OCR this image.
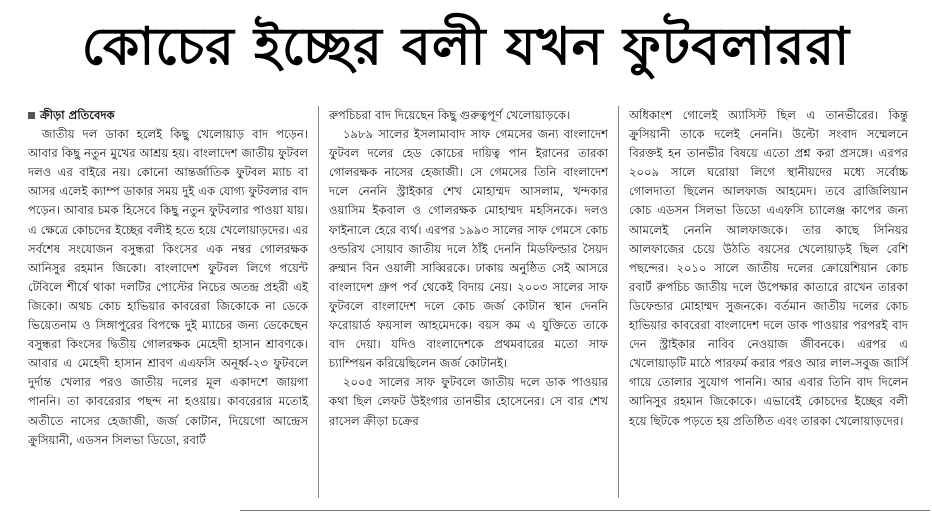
কোচের ইচ্ছের বলী যখন ফুটবলাররা
ক্রীড়া প্রতিবেদক

জাতীয় দল ডাকা হলেই কিছু খেলোয়াড় বাদ পড়েন। আবার কিছু নতুন মুখের আশ্রয় হয়। বাংলাদেশ জাতীয় ফুটবল দলও এর বাইরে নয়। কোনো আন্তর্জাতিক ফুটবল ম্যাচ বা আসর এলেই ক্যাম্প ডাকার সময় দুই এক যোগ্য ফুটবলার বাদ পড়েন। আবার চমক হিসেবে কিছু নতুন ফুটবলার পাওয়া যায়। এ ক্ষেত্রে কোচদের ইচ্ছের বলীই হতে হয়ে খেলোয়াড়দের। এর সর্বশেষ সংযোজন বসুন্ধরা কিংসের এক নম্বর গোলরক্ষক আনিসুর রহমান জিকো। বাংলাদেশ ফুটবল লিগে পয়েন্ট টেবিলে শীর্ষে থাকা দলটির পোস্টের নিচের অতন্দ্র প্রহরী এই জিকো। অথচ কোচ হাভিয়ার কাবরেরা জিকোকে না ডেকে ভিয়েতনাম ও সিঙ্গাপুরের বিপক্ষে দুই ম্যাচের জন্য ডেকেছেন বসুন্ধরা কিংসের দ্বিতীয় গোলরক্ষক মেহেদী হাসান শ্রাবণকে। আবার এ মেহেদী হাসান শ্রাবণ এএফসি অনূর্ধ্ব-২৩ ফুটবলে দুর্দান্ত খেলার পরও জাতীয় দলের মূল একাদশে জায়গা পাননি। তা কাবরেরার পছন্দ না হওয়ায়। কাবরেরার মতোই অতীতে নাসের হেজাজী, জর্জ কোটান, দিয়েগো আন্দ্রেস ক্রুসিয়ানী, এডসন সিলভা ডিডো, রবার্ট

রুপচিচরা বাদ দিয়েছেন কিছু গুরুত্বপূর্ণ খেলোয়াড়কে।

১৯৮৯ সালের ইসলামাবাদ সাফ গেমসের জন্য বাংলাদেশ ফুটবল দলের হেড কোচের দায়িত্ব পান ইরানের তারকা গোলরক্ষক নাসের হেজাজী। সে গেমসের তিনি বাংলাদেশ দলে নেননি স্ট্রাইকার শেখ মোহাম্মদ আসলাম, খন্দকার ওয়াসিম ইকবাল ও গোলরক্ষক মোহাম্মদ মহসিনকে। দলও ফাইনালে হেরে ব্যর্থ। এরপর ১৯৯৩ সালের সাফ গেমসে কোচ ওল্ডরিখ সোয়াব জাতীয় দলে ঠাঁই দেননি মিডফিল্ডার সৈয়দ রুম্মান বিন ওয়ালী সাব্বিরকে। ঢাকায় অনুষ্ঠিত সেই আসরে বাংলাদেশ গ্রুপ পর্ব থেকেই বিদায় নেয়। ২০০৩ সালের সাফ ফুটবলে বাংলাদেশ দলে কোচ জর্জ কোটান স্থান দেননি ফরোয়ার্ড ফয়সাল আহমেদকে। বয়স কম এ যুক্তিতে তাকে বাদ দেয়া। যদিও বাংলাদেশকে প্রথমবারের মতো সাফ চ্যাম্পিয়ন করিয়েছিলেন জর্জ কোটানই।

২০০৫ সালের সাফ ফুটবলে জাতীয় দলে ডাক পাওয়ার কথা ছিল লেফট উইংগার তানভীর হোসেনের। সে বার শেখ রাসেল ক্রীড়া চক্রের

অধিকাংশ গোলেই অ্যাসিস্ট ছিল এ তানভীরের। কিন্তু ক্রুসিয়ানী তাকে দলেই নেননি। উল্টো সংবাদ সম্মেলনে বিরক্তই হন তানভীর বিষয়ে এতো প্রশ্ন করা প্রসঙ্গে। এরপর ২০০৯ সালে ঘরোয়া লিগে স্থানীয়দের মধ্যে সর্বোচ্চ গোলদাতা ছিলেন আলফাজ আহমেদ। তবে ব্রাজিলিয়ান কোচ এডসন সিলভা ডিডো এএফসি চ্যালেঞ্জ কাপের জন্য আমলেই নেননি আলফাজকে। তার কাছে সিনিয়র আলফাজের চেয়ে উঠতি বয়সের খেলোয়াড়ই ছিল বেশি পছন্দের। ২০১০ সালে জাতীয় দলের ক্রোয়েশিয়ান কোচ রবার্ট রুপচিচ জাতীয় দলে উপেক্ষার কাতারে রাখেন তারকা ডিফেন্ডার মোহাম্মদ সুজনকে। বর্তমান জাতীয় দলের কোচ হাভিয়ার কাবরেরা বাংলাদেশ দলে ডাক পাওয়ার পরপরই বাদ দেন স্ট্রাইকার নাবিব নেওয়াজ জীবনকে। এরপর এ খেলোয়াড়টি মাঠে পারফর্ম করার পরও আর লাল-সবুজ জার্সি গায়ে তোলার সুযোগ পাননি। আর এবার তিনি বাদ দিলেন আনিসুর রহমান জিকোকে। এভাবেই কোচদের ইচ্ছের বলী হয়ে ছিটকে পড়তে হয় প্রতিষ্ঠিত এবং তারকা খেলোয়াড়দের।
